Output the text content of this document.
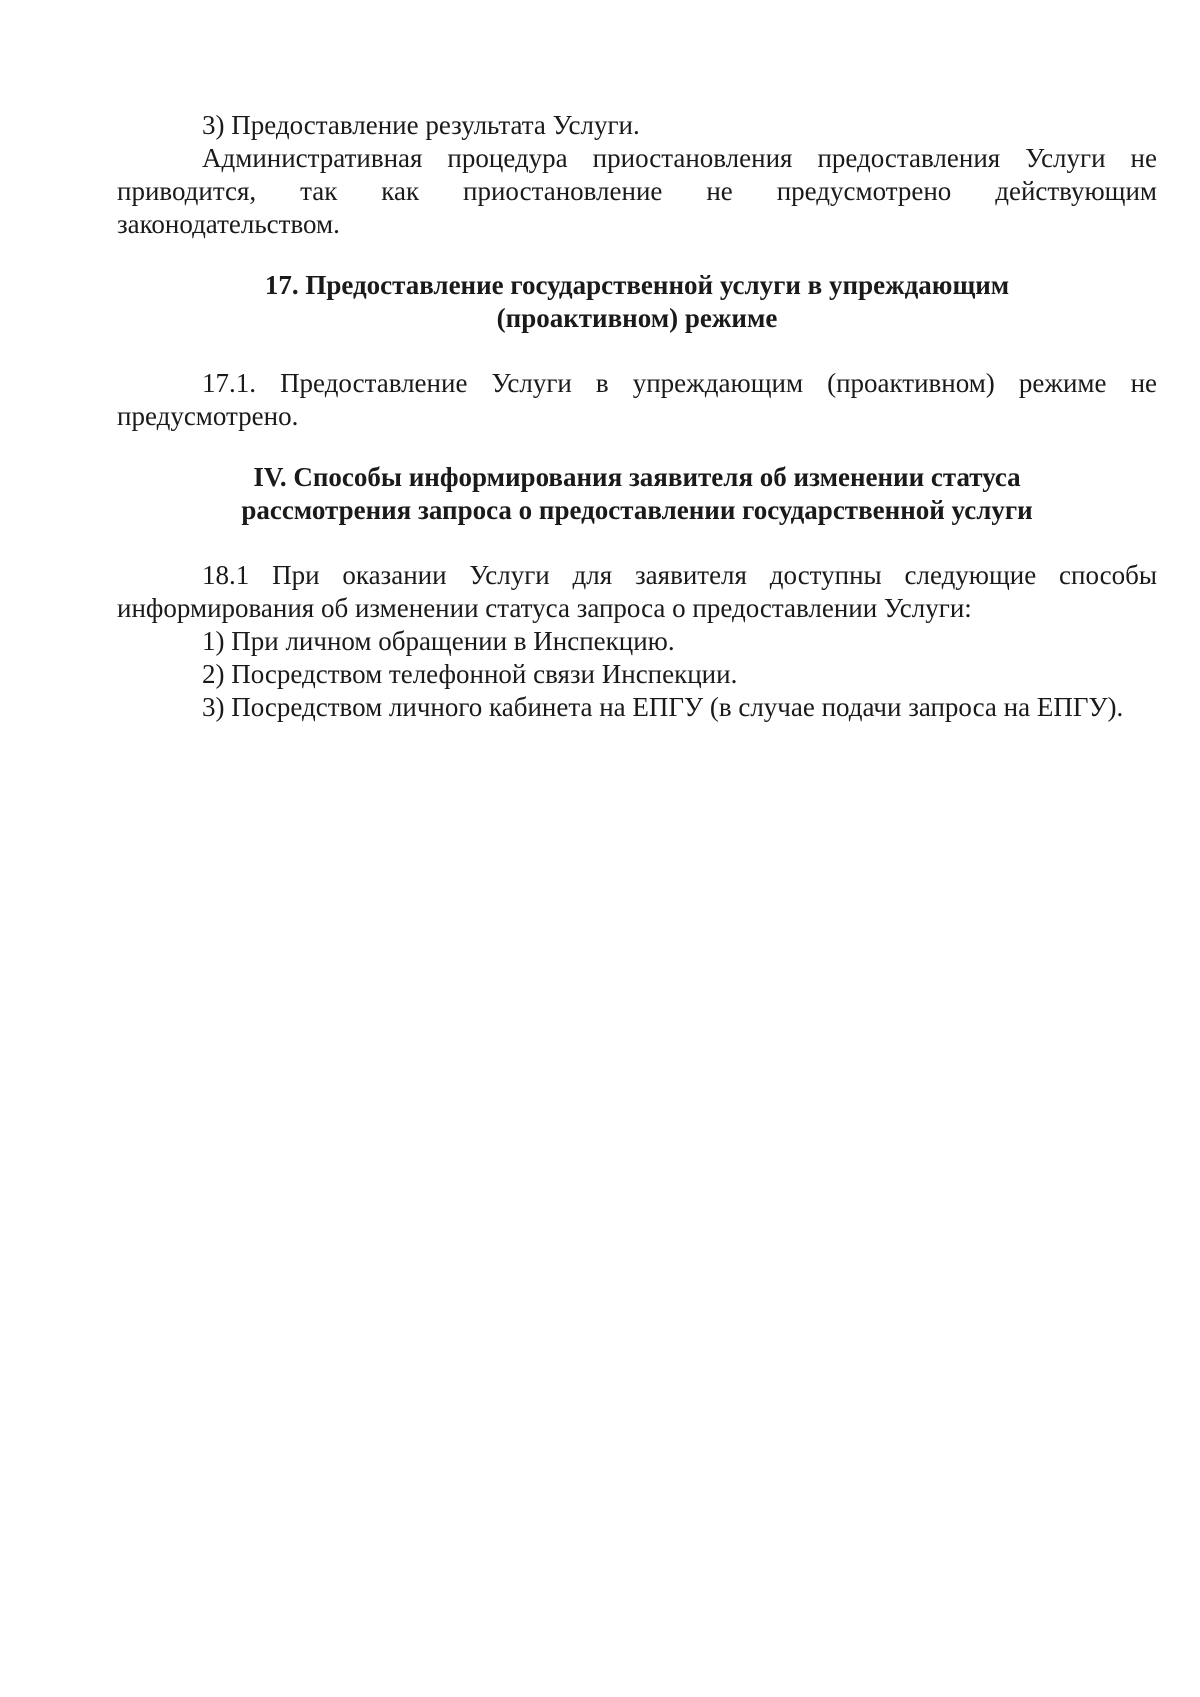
3) Предоставление результата Услуги.

Административная процедура приостановления предоставления Услуги не приводится, так как приостановление не предусмотрено действующим законодательством.

17. Предоставление государственной услуги в упреждающим
(проактивном) режиме

17.1. Предоставление Услуги в упреждающим (проактивном) режиме не предусмотрено.

IV. Способы информирования заявителя об изменении статуса
рассмотрения запроса о предоставлении государственной услуги

18.1 При оказании Услуги для заявителя доступны следующие способы информирования об изменении статуса запроса о предоставлении Услуги:

1) При личном обращении в Инспекцию.

2) Посредством телефонной связи Инспекции.

3) Посредством личного кабинета на ЕПГУ (в случае подачи запроса на ЕПГУ).
